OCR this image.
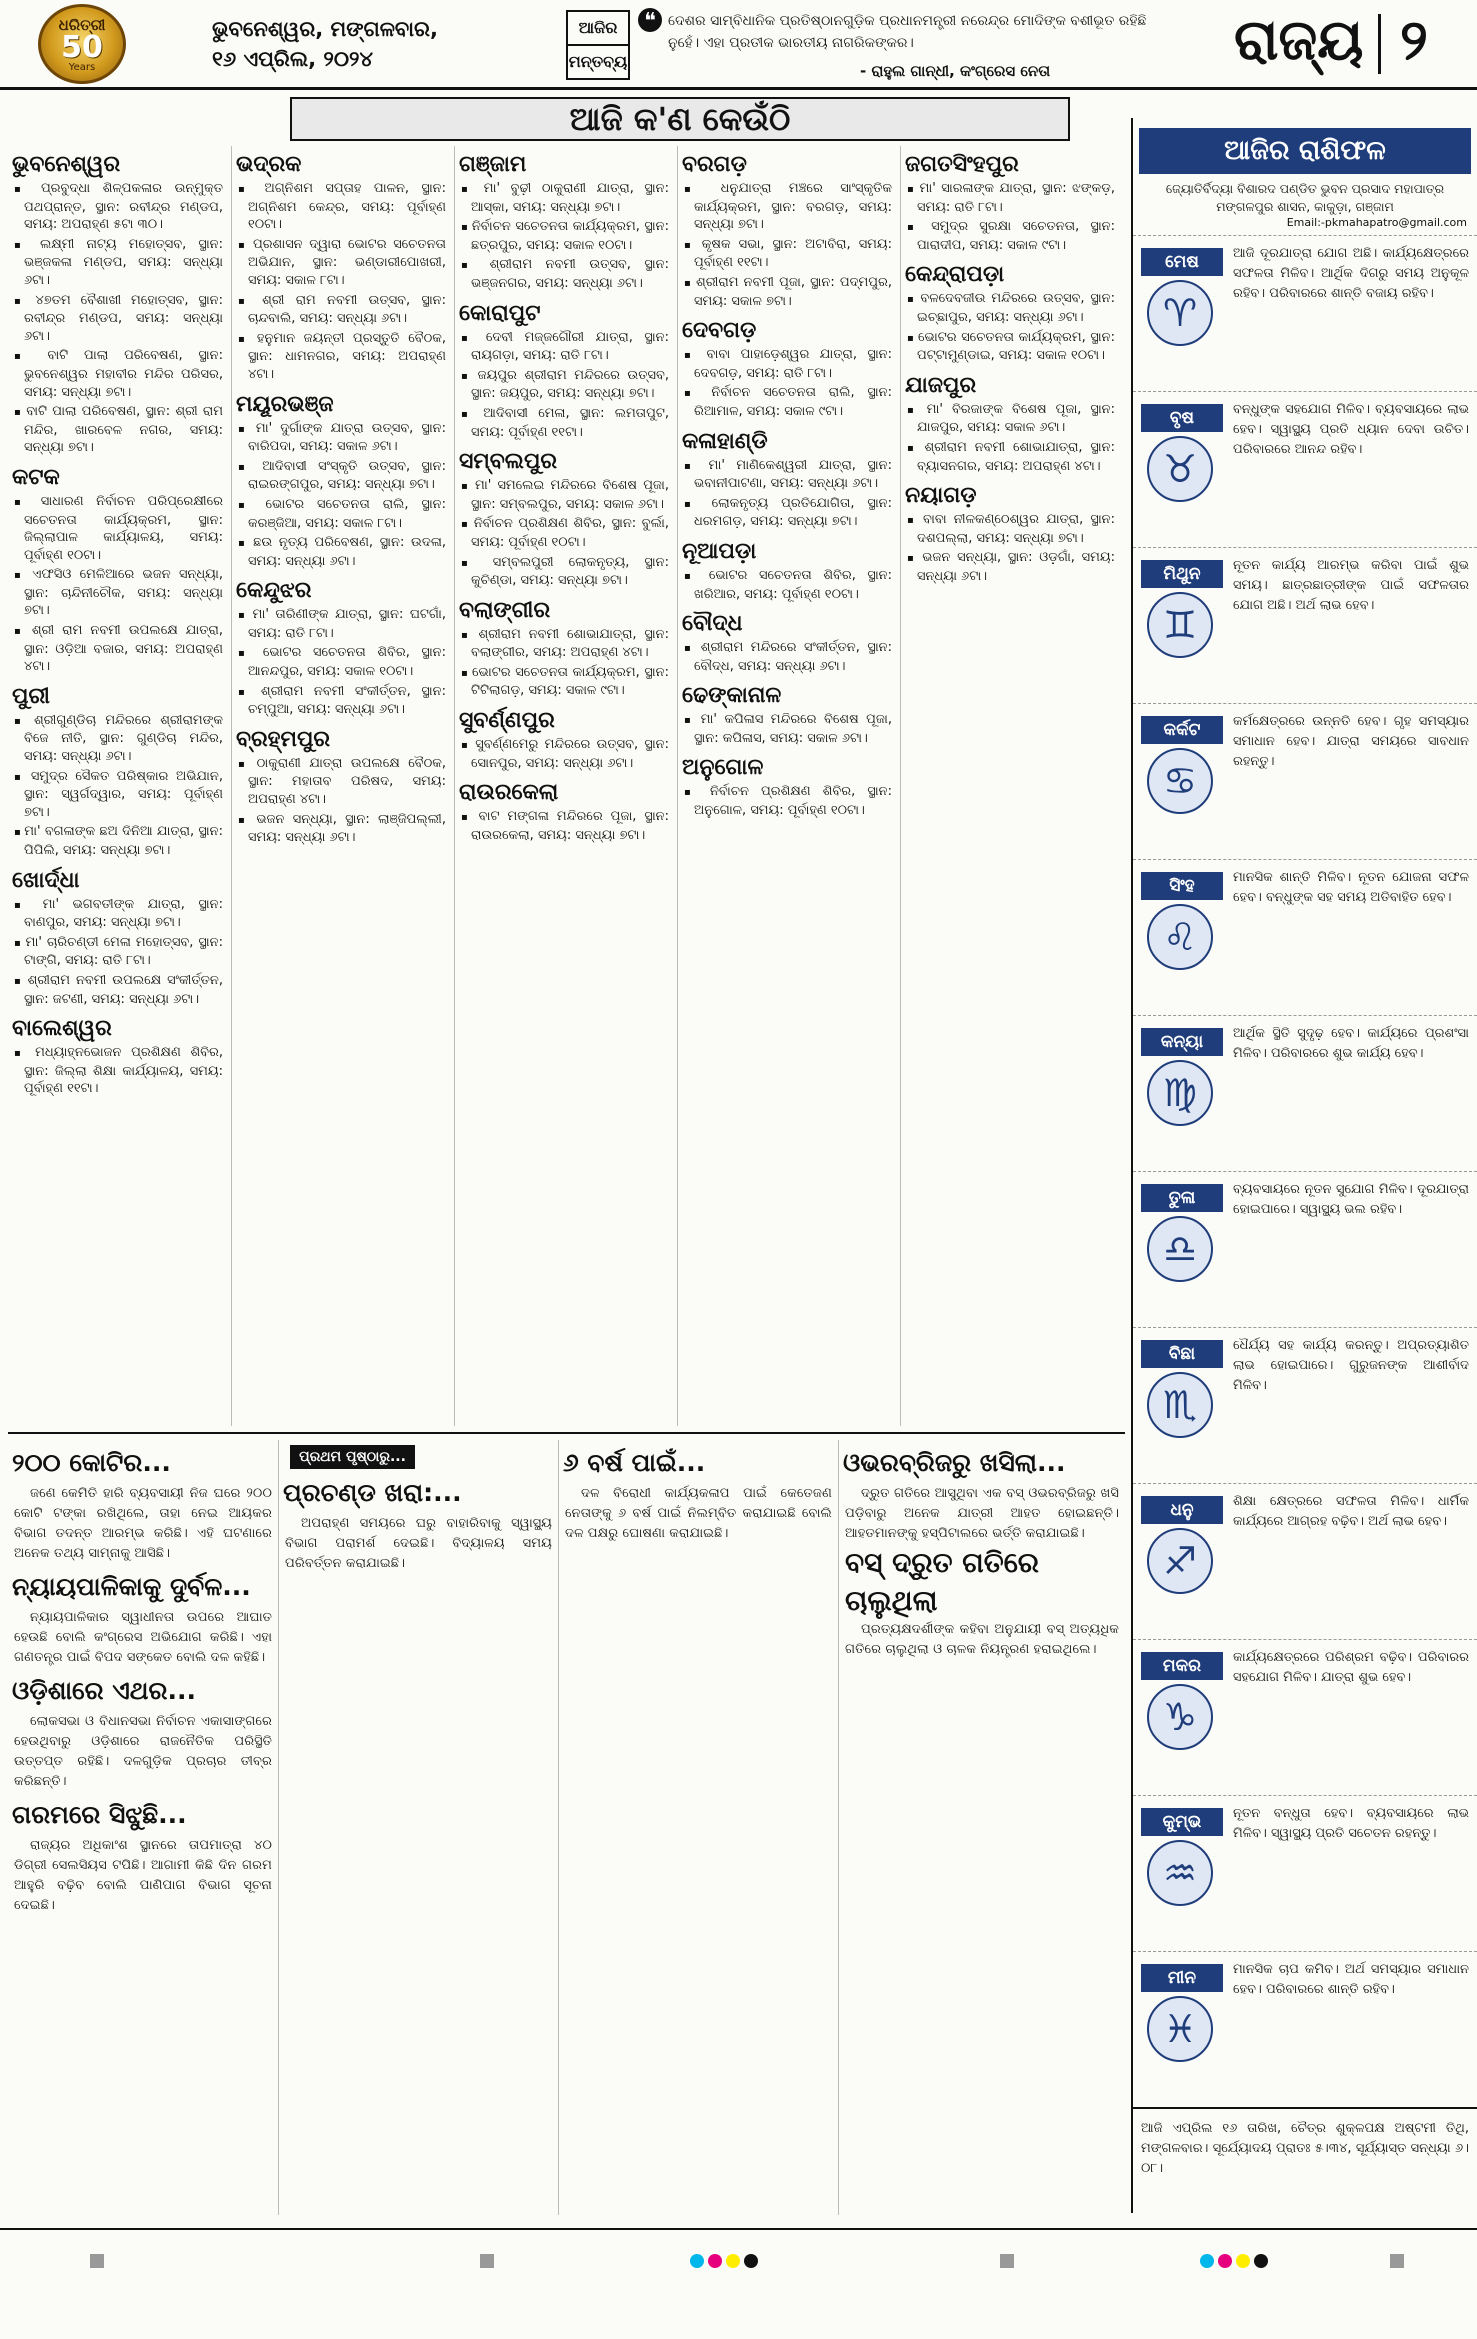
ଧରିତ୍ରୀ
50
Years
ଭୁବନେଶ୍ୱର, ମଙ୍ଗଳବାର,
୧୬ ଏପ୍ରିଲ, ୨୦୨୪
ଆଜିର
ମନ୍ତବ୍ୟ
❝ ଦେଶର ସାମ୍ବିଧାନିକ ପ୍ରତିଷ୍ଠାନଗୁଡ଼ିକ ପ୍ରଧାନମନ୍ତ୍ରୀ ନରେନ୍ଦ୍ର ମୋଦିଙ୍କ ବଶୀଭୂତ ରହିଛି ନୁହେଁ। ଏହା ପ୍ରତୀକ ଭାରତୀୟ ନାଗରିକଙ୍କର।
- ରାହୁଲ ଗାନ୍ଧୀ, କଂଗ୍ରେସ ନେତା	ରାଜ୍ୟ ୨
ଆଜି କ'ଣ କେଉଁଠି
ଭୁବନେଶ୍ୱର
▪ ପ୍ରବୁଦ୍ଧା ଶିଳ୍ପକଳାର ଉନ୍ମୁକ୍ତ ପଥପ୍ରାନ୍ତ, ସ୍ଥାନ: ରବୀନ୍ଦ୍ର ମଣ୍ଡପ, ସମୟ: ଅପରାହ୍ଣ ୫ଟା ୩୦।
▪ ଲକ୍ଷ୍ମୀ ନାଟ୍ୟ ମହୋତ୍ସବ, ସ୍ଥାନ: ଭଞ୍ଜକଳା ମଣ୍ଡପ, ସମୟ: ସନ୍ଧ୍ୟା ୬ଟା।
▪ ୪୭ତମ ବୈଶାଖୀ ମହୋତ୍ସବ, ସ୍ଥାନ: ରବୀନ୍ଦ୍ର ମଣ୍ଡପ, ସମୟ: ସନ୍ଧ୍ୟା ୬ଟା।
▪ ବାଟି ପାଲା ପରିବେଷଣ, ସ୍ଥାନ: ଭୁବନେଶ୍ୱର ମହାବୀର ମନ୍ଦିର ପରିସର, ସମୟ: ସନ୍ଧ୍ୟା ୭ଟା।
▪ ବାଟି ପାଲା ପରିବେଷଣ, ସ୍ଥାନ: ଶ୍ରୀ ରାମ ମନ୍ଦିର, ଖାରବେଳ ନଗର, ସମୟ: ସନ୍ଧ୍ୟା ୭ଟା।
କଟକ
▪ ସାଧାରଣ ନିର୍ବାଚନ ପରିପ୍ରେକ୍ଷୀରେ ସଚେତନତା କାର୍ଯ୍ୟକ୍ରମ, ସ୍ଥାନ: ଜିଲ୍ଲାପାଳ କାର୍ଯ୍ୟାଳୟ, ସମୟ: ପୂର୍ବାହ୍ଣ ୧୦ଟା।
▪ ଏଫସିଓ ମେଳିଆରେ ଭଜନ ସନ୍ଧ୍ୟା, ସ୍ଥାନ: ଚାନ୍ଦିନୀଚୌକ, ସମୟ: ସନ୍ଧ୍ୟା ୭ଟା।
▪ ଶ୍ରୀ ରାମ ନବମୀ ଉପଲକ୍ଷେ ଯାତ୍ରା, ସ୍ଥାନ: ଓଡ଼ିଆ ବଜାର, ସମୟ: ଅପରାହ୍ଣ ୪ଟା।
ପୁରୀ
▪ ଶ୍ରୀଗୁଣ୍ଡିଚା ମନ୍ଦିରରେ ଶ୍ରୀରାମଙ୍କ ବିଜେ ନୀତି, ସ୍ଥାନ: ଗୁଣ୍ଡିଚା ମନ୍ଦିର, ସମୟ: ସନ୍ଧ୍ୟା ୬ଟା।
▪ ସମୁଦ୍ର ସୈକତ ପରିଷ୍କାର ଅଭିଯାନ, ସ୍ଥାନ: ସ୍ୱର୍ଗଦ୍ୱାର, ସମୟ: ପୂର୍ବାହ୍ଣ ୭ଟା।
▪ ମା' ବଗଳାଙ୍କ ଛଅ ଦିନିଆ ଯାତ୍ରା, ସ୍ଥାନ: ପିପିଲି, ସମୟ: ସନ୍ଧ୍ୟା ୭ଟା।
ଖୋର୍ଦ୍ଧା
▪ ମା' ଭଗବତୀଙ୍କ ଯାତ୍ରା, ସ୍ଥାନ: ବାଣପୁର, ସମୟ: ସନ୍ଧ୍ୟା ୭ଟା।
▪ ମା' ଚାରିଚଣ୍ଡୀ ମେଳା ମହୋତ୍ସବ, ସ୍ଥାନ: ଟାଙ୍ଗି, ସମୟ: ରାତି ୮ଟା।
▪ ଶ୍ରୀରାମ ନବମୀ ଉପଲକ୍ଷେ ସଂକୀର୍ତ୍ତନ, ସ୍ଥାନ: ଜଟଣୀ, ସମୟ: ସନ୍ଧ୍ୟା ୬ଟା।
ବାଲେଶ୍ୱର
▪ ମଧ୍ୟାହ୍ନଭୋଜନ ପ୍ରଶିକ୍ଷଣ ଶିବିର, ସ୍ଥାନ: ଜିଲ୍ଲା ଶିକ୍ଷା କାର୍ଯ୍ୟାଳୟ, ସମୟ: ପୂର୍ବାହ୍ଣ ୧୧ଟା।
ଭଦ୍ରକ
▪ ଅଗ୍ନିଶମ ସପ୍ତାହ ପାଳନ, ସ୍ଥାନ: ଅଗ୍ନିଶମ କେନ୍ଦ୍ର, ସମୟ: ପୂର୍ବାହ୍ଣ ୧୦ଟା।
▪ ପ୍ରଶାସନ ଦ୍ୱାରା ଭୋଟର ସଚେତନତା ଅଭିଯାନ, ସ୍ଥାନ: ଭଣ୍ଡାରୀପୋଖରୀ, ସମୟ: ସକାଳ ୮ଟା।
▪ ଶ୍ରୀ ରାମ ନବମୀ ଉତ୍ସବ, ସ୍ଥାନ: ଚାନ୍ଦବାଲି, ସମୟ: ସନ୍ଧ୍ୟା ୬ଟା।
▪ ହନୁମାନ ଜୟନ୍ତୀ ପ୍ରସ୍ତୁତି ବୈଠକ, ସ୍ଥାନ: ଧାମନଗର, ସମୟ: ଅପରାହ୍ଣ ୪ଟା।
ମୟୂରଭଞ୍ଜ
▪ ମା' ଦୁର୍ଗାଙ୍କ ଯାତ୍ରା ଉତ୍ସବ, ସ୍ଥାନ: ବାରିପଦା, ସମୟ: ସକାଳ ୬ଟା।
▪ ଆଦିବାସୀ ସଂସ୍କୃତି ଉତ୍ସବ, ସ୍ଥାନ: ରାଇରଙ୍ଗପୁର, ସମୟ: ସନ୍ଧ୍ୟା ୭ଟା।
▪ ଭୋଟର ସଚେତନତା ରାଲି, ସ୍ଥାନ: କରଞ୍ଜିଆ, ସମୟ: ସକାଳ ୮ଟା।
▪ ଛଉ ନୃତ୍ୟ ପରିବେଷଣ, ସ୍ଥାନ: ଉଦଳା, ସମୟ: ସନ୍ଧ୍ୟା ୬ଟା।
କେନ୍ଦୁଝର
▪ ମା' ତାରିଣୀଙ୍କ ଯାତ୍ରା, ସ୍ଥାନ: ଘଟଗାଁ, ସମୟ: ରାତି ୮ଟା।
▪ ଭୋଟର ସଚେତନତା ଶିବିର, ସ୍ଥାନ: ଆନନ୍ଦପୁର, ସମୟ: ସକାଳ ୧୦ଟା।
▪ ଶ୍ରୀରାମ ନବମୀ ସଂକୀର୍ତ୍ତନ, ସ୍ଥାନ: ଚମ୍ପୁଆ, ସମୟ: ସନ୍ଧ୍ୟା ୬ଟା।
ବ୍ରହ୍ମପୁର
▪ ଠାକୁରାଣୀ ଯାତ୍ରା ଉପଲକ୍ଷେ ବୈଠକ, ସ୍ଥାନ: ମହାତାବ ପରିଷଦ, ସମୟ: ଅପରାହ୍ଣ ୪ଟା।
▪ ଭଜନ ସନ୍ଧ୍ୟା, ସ୍ଥାନ: ଲାଞ୍ଜିପଲ୍ଲୀ, ସମୟ: ସନ୍ଧ୍ୟା ୬ଟା।
ଗଞ୍ଜାମ
▪ ମା' ବୁଢ଼ୀ ଠାକୁରାଣୀ ଯାତ୍ରା, ସ୍ଥାନ: ଆସ୍କା, ସମୟ: ସନ୍ଧ୍ୟା ୭ଟା।
▪ ନିର୍ବାଚନ ସଚେତନତା କାର୍ଯ୍ୟକ୍ରମ, ସ୍ଥାନ: ଛତ୍ରପୁର, ସମୟ: ସକାଳ ୧୦ଟା।
▪ ଶ୍ରୀରାମ ନବମୀ ଉତ୍ସବ, ସ୍ଥାନ: ଭଞ୍ଜନଗର, ସମୟ: ସନ୍ଧ୍ୟା ୬ଟା।
କୋରାପୁଟ
▪ ଦେବୀ ମଜ୍ଜଗୌରୀ ଯାତ୍ରା, ସ୍ଥାନ: ରାୟଗଡ଼ା, ସମୟ: ରାତି ୮ଟା।
▪ ଜୟପୁର ଶ୍ରୀରାମ ମନ୍ଦିରରେ ଉତ୍ସବ, ସ୍ଥାନ: ଜୟପୁର, ସମୟ: ସନ୍ଧ୍ୟା ୭ଟା।
▪ ଆଦିବାସୀ ମେଳା, ସ୍ଥାନ: ଲମତାପୁଟ, ସମୟ: ପୂର୍ବାହ୍ଣ ୧୧ଟା।
ସମ୍ବଲପୁର
▪ ମା' ସମଲେଇ ମନ୍ଦିରରେ ବିଶେଷ ପୂଜା, ସ୍ଥାନ: ସମ୍ବଲପୁର, ସମୟ: ସକାଳ ୬ଟା।
▪ ନିର୍ବାଚନ ପ୍ରଶିକ୍ଷଣ ଶିବିର, ସ୍ଥାନ: ବୁର୍ଲା, ସମୟ: ପୂର୍ବାହ୍ଣ ୧୦ଟା।
▪ ସମ୍ବଲପୁରୀ ଲୋକନୃତ୍ୟ, ସ୍ଥାନ: କୁଚିଣ୍ଡା, ସମୟ: ସନ୍ଧ୍ୟା ୭ଟା।
ବଲାଙ୍ଗୀର
▪ ଶ୍ରୀରାମ ନବମୀ ଶୋଭାଯାତ୍ରା, ସ୍ଥାନ: ବଲାଙ୍ଗୀର, ସମୟ: ଅପରାହ୍ଣ ୪ଟା।
▪ ଭୋଟର ସଚେତନତା କାର୍ଯ୍ୟକ୍ରମ, ସ୍ଥାନ: ଟିଟିଲାଗଡ଼, ସମୟ: ସକାଳ ୯ଟା।
ସୁବର୍ଣ୍ଣପୁର
▪ ସୁବର୍ଣ୍ଣମେରୁ ମନ୍ଦିରରେ ଉତ୍ସବ, ସ୍ଥାନ: ସୋନପୁର, ସମୟ: ସନ୍ଧ୍ୟା ୬ଟା।
ରାଉରକେଲା
▪ ବାଟ ମଙ୍ଗଳା ମନ୍ଦିରରେ ପୂଜା, ସ୍ଥାନ: ରାଉରକେଲା, ସମୟ: ସନ୍ଧ୍ୟା ୭ଟା।
ବରଗଡ଼
▪ ଧନୁଯାତ୍ରା ମଞ୍ଚରେ ସାଂସ୍କୃତିକ କାର୍ଯ୍ୟକ୍ରମ, ସ୍ଥାନ: ବରଗଡ଼, ସମୟ: ସନ୍ଧ୍ୟା ୭ଟା।
▪ କୃଷକ ସଭା, ସ୍ଥାନ: ଅଟାବିରା, ସମୟ: ପୂର୍ବାହ୍ଣ ୧୧ଟା।
▪ ଶ୍ରୀରାମ ନବମୀ ପୂଜା, ସ୍ଥାନ: ପଦ୍ମପୁର, ସମୟ: ସକାଳ ୭ଟା।
ଦେବଗଡ଼
▪ ବାବା ପାହାଡ଼େଶ୍ୱର ଯାତ୍ରା, ସ୍ଥାନ: ଦେବଗଡ଼, ସମୟ: ରାତି ୮ଟା।
▪ ନିର୍ବାଚନ ସଚେତନତା ରାଲି, ସ୍ଥାନ: ରିଆମାଳ, ସମୟ: ସକାଳ ୯ଟା।
କଳାହାଣ୍ଡି
▪ ମା' ମାଣିକେଶ୍ୱରୀ ଯାତ୍ରା, ସ୍ଥାନ: ଭବାନୀପାଟଣା, ସମୟ: ସନ୍ଧ୍ୟା ୬ଟା।
▪ ଲୋକନୃତ୍ୟ ପ୍ରତିଯୋଗିତା, ସ୍ଥାନ: ଧରମଗଡ଼, ସମୟ: ସନ୍ଧ୍ୟା ୭ଟା।
ନୂଆପଡ଼ା
▪ ଭୋଟର ସଚେତନତା ଶିବିର, ସ୍ଥାନ: ଖରିଆର, ସମୟ: ପୂର୍ବାହ୍ଣ ୧୦ଟା।
ବୌଦ୍ଧ
▪ ଶ୍ରୀରାମ ମନ୍ଦିରରେ ସଂକୀର୍ତ୍ତନ, ସ୍ଥାନ: ବୌଦ୍ଧ, ସମୟ: ସନ୍ଧ୍ୟା ୬ଟା।
ଢେଙ୍କାନାଳ
▪ ମା' କପିଳାସ ମନ୍ଦିରରେ ବିଶେଷ ପୂଜା, ସ୍ଥାନ: କପିଳାସ, ସମୟ: ସକାଳ ୬ଟା।
ଅନୁଗୋଳ
▪ ନିର୍ବାଚନ ପ୍ରଶିକ୍ଷଣ ଶିବିର, ସ୍ଥାନ: ଅନୁଗୋଳ, ସମୟ: ପୂର୍ବାହ୍ଣ ୧୦ଟା।
ଜଗତସିଂହପୁର
▪ ମା' ସାରଳାଙ୍କ ଯାତ୍ରା, ସ୍ଥାନ: ଝଙ୍କଡ଼, ସମୟ: ରାତି ୮ଟା।
▪ ସମୁଦ୍ର ସୁରକ୍ଷା ସଚେତନତା, ସ୍ଥାନ: ପାରାଦୀପ, ସମୟ: ସକାଳ ୯ଟା।
କେନ୍ଦ୍ରାପଡ଼ା
▪ ବଳଦେବଜୀଉ ମନ୍ଦିରରେ ଉତ୍ସବ, ସ୍ଥାନ: ଇଚ୍ଛାପୁର, ସମୟ: ସନ୍ଧ୍ୟା ୬ଟା।
▪ ଭୋଟର ସଚେତନତା କାର୍ଯ୍ୟକ୍ରମ, ସ୍ଥାନ: ପଟ୍ଟାମୁଣ୍ଡାଇ, ସମୟ: ସକାଳ ୧୦ଟା।
ଯାଜପୁର
▪ ମା' ବିରଜାଙ୍କ ବିଶେଷ ପୂଜା, ସ୍ଥାନ: ଯାଜପୁର, ସମୟ: ସକାଳ ୬ଟା।
▪ ଶ୍ରୀରାମ ନବମୀ ଶୋଭାଯାତ୍ରା, ସ୍ଥାନ: ବ୍ୟାସନଗର, ସମୟ: ଅପରାହ୍ଣ ୪ଟା।
ନୟାଗଡ଼
▪ ବାବା ନୀଳକଣ୍ଠେଶ୍ୱର ଯାତ୍ରା, ସ୍ଥାନ: ଦଶପଲ୍ଲା, ସମୟ: ସନ୍ଧ୍ୟା ୭ଟା।
▪ ଭଜନ ସନ୍ଧ୍ୟା, ସ୍ଥାନ: ଓଡ଼଼ଗାଁ, ସମୟ: ସନ୍ଧ୍ୟା ୬ଟା।
ଆଜିର ରାଶିଫଳ
ଜ୍ୟୋତିର୍ବିଦ୍ୟା ବିଶାରଦ ପଣ୍ଡିତ ଭୁବନ ପ୍ରସାଦ ମହାପାତ୍ର
ମଙ୍ଗଳପୁର ଶାସନ, କାକୁଡ଼ା, ଗଞ୍ଜାମ
Email:-pkmahapatro@gmail.com
ମେଷ
♈
ଆଜି ଦୂରଯାତ୍ରା ଯୋଗ ଅଛି। କାର୍ଯ୍ୟକ୍ଷେତ୍ରରେ ସଫଳତା ମିଳିବ। ଆର୍ଥିକ ଦିଗରୁ ସମୟ ଅନୁକୂଳ ରହିବ। ପରିବାରରେ ଶାନ୍ତି ବଜାୟ ରହିବ।
ବୃଷ
♉
ବନ୍ଧୁଙ୍କ ସହଯୋଗ ମିଳିବ। ବ୍ୟବସାୟରେ ଲାଭ ହେବ। ସ୍ୱାସ୍ଥ୍ୟ ପ୍ରତି ଧ୍ୟାନ ଦେବା ଉଚିତ। ପରିବାରରେ ଆନନ୍ଦ ରହିବ।
ମିଥୁନ
♊
ନୂତନ କାର୍ଯ୍ୟ ଆରମ୍ଭ କରିବା ପାଇଁ ଶୁଭ ସମୟ। ଛାତ୍ରଛାତ୍ରୀଙ୍କ ପାଇଁ ସଫଳତାର ଯୋଗ ଅଛି। ଅର୍ଥ ଲାଭ ହେବ।
କର୍କଟ
♋
କର୍ମକ୍ଷେତ୍ରରେ ଉନ୍ନତି ହେବ। ଗୃହ ସମସ୍ୟାର ସମାଧାନ ହେବ। ଯାତ୍ରା ସମୟରେ ସାବଧାନ ରହନ୍ତୁ।
ସିଂହ
♌
ମାନସିକ ଶାନ୍ତି ମିଳିବ। ନୂତନ ଯୋଜନା ସଫଳ ହେବ। ବନ୍ଧୁଙ୍କ ସହ ସମୟ ଅତିବାହିତ ହେବ।
କନ୍ୟା
♍
ଆର୍ଥିକ ସ୍ଥିତି ସୁଦୃଢ଼ ହେବ। କାର୍ଯ୍ୟରେ ପ୍ରଶଂସା ମିଳିବ। ପରିବାରରେ ଶୁଭ କାର୍ଯ୍ୟ ହେବ।
ତୁଳା
♎
ବ୍ୟବସାୟରେ ନୂତନ ସୁଯୋଗ ମିଳିବ। ଦୂରଯାତ୍ରା ହୋଇପାରେ। ସ୍ୱାସ୍ଥ୍ୟ ଭଲ ରହିବ।
ବିଛା
♏
ଧୈର୍ଯ୍ୟ ସହ କାର୍ଯ୍ୟ କରନ୍ତୁ। ଅପ୍ରତ୍ୟାଶିତ ଲାଭ ହୋଇପାରେ। ଗୁରୁଜନଙ୍କ ଆଶୀର୍ବାଦ ମିଳିବ।
ଧନୁ
♐
ଶିକ୍ଷା କ୍ଷେତ୍ରରେ ସଫଳତା ମିଳିବ। ଧାର୍ମିକ କାର୍ଯ୍ୟରେ ଆଗ୍ରହ ବଢ଼ିବ। ଅର୍ଥ ଲାଭ ହେବ।
ମକର
♑
କାର୍ଯ୍ୟକ୍ଷେତ୍ରରେ ପରିଶ୍ରମ ବଢ଼ିବ। ପରିବାରର ସହଯୋଗ ମିଳିବ। ଯାତ୍ରା ଶୁଭ ହେବ।
କୁମ୍ଭ
♒
ନୂତନ ବନ୍ଧୁତା ହେବ। ବ୍ୟବସାୟରେ ଲାଭ ମିଳିବ। ସ୍ୱାସ୍ଥ୍ୟ ପ୍ରତି ସଚେତନ ରହନ୍ତୁ।
ମୀନ
♓
ମାନସିକ ଚାପ କମିବ। ଅର୍ଥ ସମସ୍ୟାର ସମାଧାନ ହେବ। ପରିବାରରେ ଶାନ୍ତି ରହିବ।
ଆଜି ଏପ୍ରିଲ ୧୬ ତାରିଖ, ଚୈତ୍ର ଶୁକ୍ଳପକ୍ଷ ଅଷ୍ଟମୀ ତିଥି, ମଙ୍ଗଳବାର। ସୂର୍ଯ୍ୟୋଦୟ ପ୍ରାତଃ ୫।୩୪, ସୂର୍ଯ୍ୟାସ୍ତ ସନ୍ଧ୍ୟା ୬।୦୮।
ପ୍ରଥମ ପୃଷ୍ଠାରୁ...
୨୦୦ କୋଟିର...

ଜଣେ କେମିତି ହାରି ବ୍ୟବସାୟୀ ନିଜ ଘରେ ୨୦୦ କୋଟି ଟଙ୍କା ରଖିଥିଲେ, ତାହା ନେଇ ଆୟକର ବିଭାଗ ତଦନ୍ତ ଆରମ୍ଭ କରିଛି। ଏହି ଘଟଣାରେ ଅନେକ ତଥ୍ୟ ସାମ୍ନାକୁ ଆସିଛି।

ନ୍ୟାୟପାଳିକାକୁ ଦୁର୍ବଳ...

ନ୍ୟାୟପାଳିକାର ସ୍ୱାଧୀନତା ଉପରେ ଆଘାତ ହେଉଛି ବୋଲି କଂଗ୍ରେସ ଅଭିଯୋଗ କରିଛି। ଏହା ଗଣତନ୍ତ୍ର ପାଇଁ ବିପଦ ସଙ୍କେତ ବୋଲି ଦଳ କହିଛି।

ଓଡ଼ିଶାରେ ଏଥର...

ଲୋକସଭା ଓ ବିଧାନସଭା ନିର୍ବାଚନ ଏକାସାଙ୍ଗରେ ହେଉଥିବାରୁ ଓଡ଼ିଶାରେ ରାଜନୈତିକ ପରିସ୍ଥିତି ଉତ୍ତପ୍ତ ରହିଛି। ଦଳଗୁଡ଼ିକ ପ୍ରଚାର ତୀବ୍ର କରିଛନ୍ତି।

ଗରମରେ ସିଝୁଛି...

ରାଜ୍ୟର ଅଧିକାଂଶ ସ୍ଥାନରେ ତାପମାତ୍ରା ୪୦ ଡିଗ୍ରୀ ସେଲସିୟସ ଟପିଛି। ଆଗାମୀ କିଛି ଦିନ ଗରମ ଆହୁରି ବଢ଼ିବ ବୋଲି ପାଣିପାଗ ବିଭାଗ ସୂଚନା ଦେଇଛି।

ପ୍ରଚଣ୍ଡ ଖରା:...

ଅପରାହ୍ଣ ସମୟରେ ଘରୁ ବାହାରିବାକୁ ସ୍ୱାସ୍ଥ୍ୟ ବିଭାଗ ପରାମର୍ଶ ଦେଇଛି। ବିଦ୍ୟାଳୟ ସମୟ ପରିବର୍ତ୍ତନ କରାଯାଇଛି।

୬ ବର୍ଷ ପାଇଁ...

ଦଳ ବିରୋଧୀ କାର୍ଯ୍ୟକଳାପ ପାଇଁ କେତେଜଣ ନେତାଙ୍କୁ ୬ ବର୍ଷ ପାଇଁ ନିଲମ୍ବିତ କରାଯାଇଛି ବୋଲି ଦଳ ପକ୍ଷରୁ ଘୋଷଣା କରାଯାଇଛି।

ଓଭରବ୍ରିଜରୁ ଖସିଲା...

ଦ୍ରୁତ ଗତିରେ ଆସୁଥିବା ଏକ ବସ୍ ଓଭରବ୍ରିଜରୁ ଖସି ପଡ଼ିବାରୁ ଅନେକ ଯାତ୍ରୀ ଆହତ ହୋଇଛନ୍ତି। ଆହତମାନଙ୍କୁ ହସ୍ପିଟାଲରେ ଭର୍ତ୍ତି କରାଯାଇଛି।

ବସ୍ ଦ୍ରୁତ ଗତିରେ ଚାଲୁଥିଲା

ପ୍ରତ୍ୟକ୍ଷଦର୍ଶୀଙ୍କ କହିବା ଅନୁଯାୟୀ ବସ୍ ଅତ୍ୟଧିକ ଗତିରେ ଚାଲୁଥିଲା ଓ ଚାଳକ ନିୟନ୍ତ୍ରଣ ହରାଇଥିଲେ।
